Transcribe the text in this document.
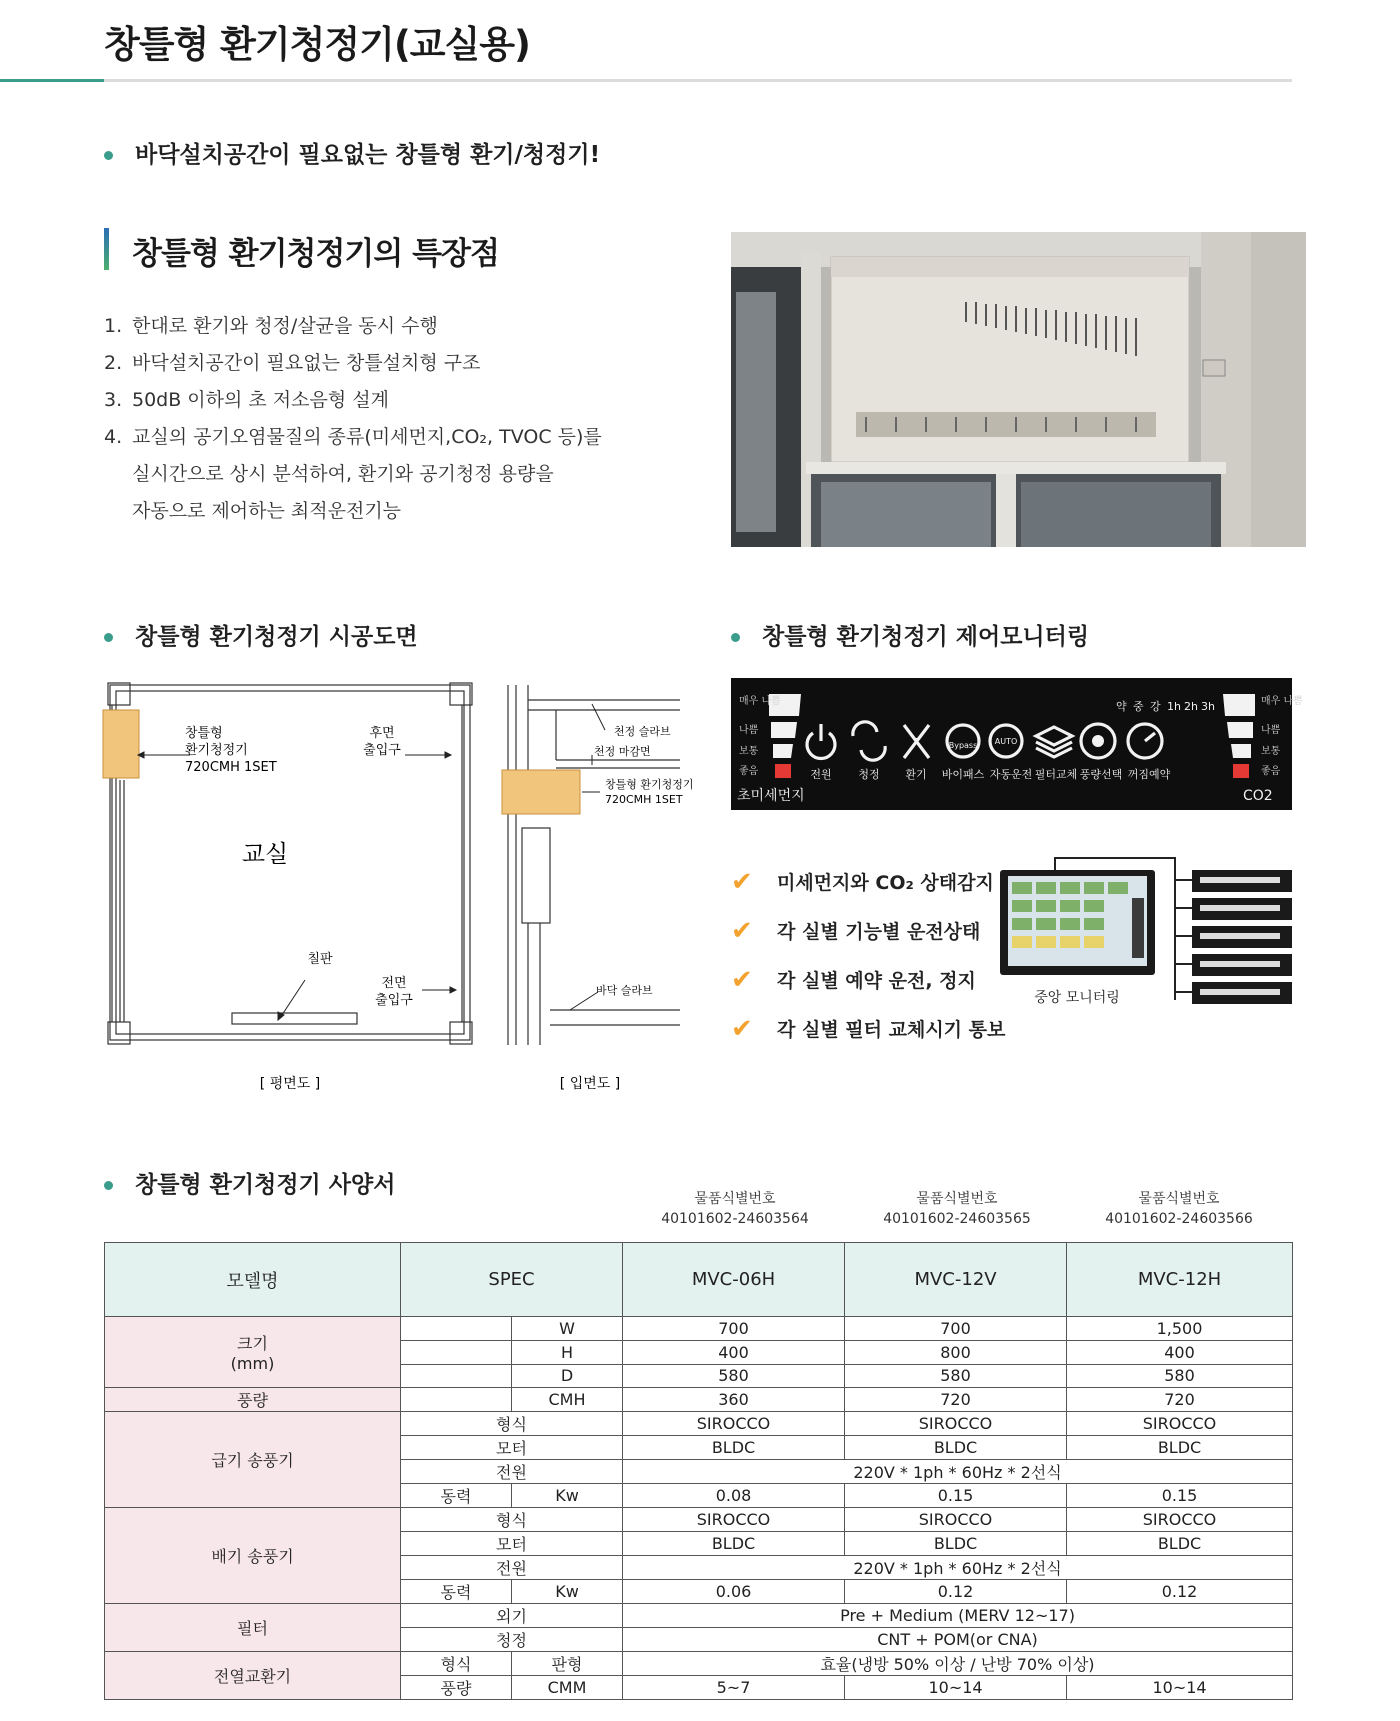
창틀형 환기청정기(교실용)
바닥설치공간이 필요없는 창틀형 환기/청정기!
창틀형 환기청정기의 특장점
1. 한대로 환기와 청정/살균을 동시 수행
2. 바닥설치공간이 필요없는 창틀설치형 구조
3. 50dB 이하의 초 저소음형 설계
4. 교실의 공기오염물질의 종류(미세먼지,CO₂, TVOC 등)를
실시간으로 상시 분석하여, 환기와 공기청정 용량을
자동으로 제어하는 최적운전기능
창틀형 환기청정기 시공도면
창틀형
환기청정기
720CMH 1SET
후면
출입구
교실
칠판
전면
출입구
천정 슬라브
천정 마감면
창틀형 환기청정기
720CMH 1SET
바닥 슬라브
[ 평면도 ]	[ 입면도 ]
창틀형 환기청정기 제어모니터링
매우 나쁨
나쁨
보통
좋음
초미세먼지
매우 나쁨
나쁨
보통
좋음
CO2
약 중 강 1h 2h 3h
Bypass AUTO
전원 청정 환기 바이패스 자동운전 필터교체 풍량선택 꺼짐예약
✔	미세먼지와 CO₂ 상태감지
✔	각 실별 기능별 운전상태
✔	각 실별 예약 운전, 정지
✔	각 실별 필터 교체시기 통보
중앙 모니터링
창틀형 환기청정기 사양서
물품식별번호
40101602-24603564
물품식별번호
40101602-24603565
물품식별번호
40101602-24603566
모델명	SPEC		MVC-06H	MVC-12V	MVC-12H

크기
(mm)		W	700	700	1,500
		H	400	800	400
		D	580	580	580
풍량		CMH	360	720	720
급기 송풍기	형식		SIROCCO	SIROCCO	SIROCCO
	모터		BLDC	BLDC	BLDC
	전원		220V * 1ph * 60Hz * 2선식		
	동력	Kw	0.08	0.15	0.15
배기 송풍기	형식		SIROCCO	SIROCCO	SIROCCO
	모터		BLDC	BLDC	BLDC
	전원		220V * 1ph * 60Hz * 2선식		
	동력	Kw	0.06	0.12	0.12
필터	외기		Pre + Medium (MERV 12~17)		
	청정		CNT + POM(or CNA)		
전열교환기	형식	판형	효율(냉방 50% 이상 / 난방 70% 이상)		
	풍량	CMM	5~7	10~14	10~14
